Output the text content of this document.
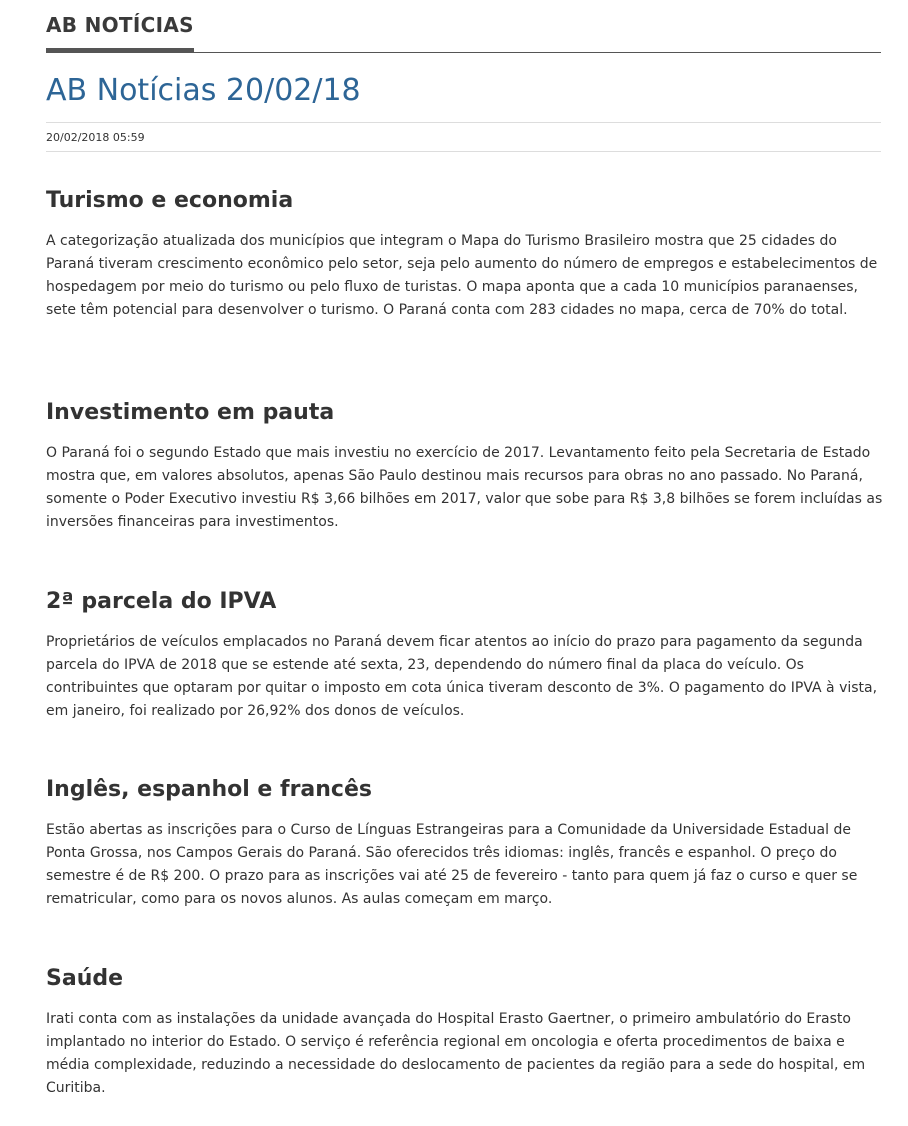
AB NOTÍCIAS
AB Notícias 20/02/18
20/02/2018 05:59
Turismo e economia

A categorização atualizada dos municípios que integram o Mapa do Turismo Brasileiro mostra que 25 cidades do Paraná tiveram crescimento econômico pelo setor, seja pelo aumento do número de empregos e estabelecimentos de hospedagem por meio do turismo ou pelo fluxo de turistas. O mapa aponta que a cada 10 municípios paranaenses, sete têm potencial para desenvolver o turismo. O Paraná conta com 283 cidades no mapa, cerca de 70% do total.

Investimento em pauta

O Paraná foi o segundo Estado que mais investiu no exercício de 2017. Levantamento feito pela Secretaria de Estado mostra que, em valores absolutos, apenas São Paulo destinou mais recursos para obras no ano passado. No Paraná, somente o Poder Executivo investiu R$ 3,66 bilhões em 2017, valor que sobe para R$ 3,8 bilhões se forem incluídas as inversões financeiras para investimentos.

2ª parcela do IPVA

Proprietários de veículos emplacados no Paraná devem ficar atentos ao início do prazo para pagamento da segunda parcela do IPVA de 2018 que se estende até sexta, 23, dependendo do número final da placa do veículo. Os contribuintes que optaram por quitar o imposto em cota única tiveram desconto de 3%. O pagamento do IPVA à vista, em janeiro, foi realizado por 26,92% dos donos de veículos.

Inglês, espanhol e francês

Estão abertas as inscrições para o Curso de Línguas Estrangeiras para a Comunidade da Universidade Estadual de Ponta Grossa, nos Campos Gerais do Paraná. São oferecidos três idiomas: inglês, francês e espanhol. O preço do semestre é de R$ 200. O prazo para as inscrições vai até 25 de fevereiro - tanto para quem já faz o curso e quer se rematricular, como para os novos alunos. As aulas começam em março.

Saúde

Irati conta com as instalações da unidade avançada do Hospital Erasto Gaertner, o primeiro ambulatório do Erasto implantado no interior do Estado. O serviço é referência regional em oncologia e oferta procedimentos de baixa e média complexidade, reduzindo a necessidade do deslocamento de pacientes da região para a sede do hospital, em Curitiba.
